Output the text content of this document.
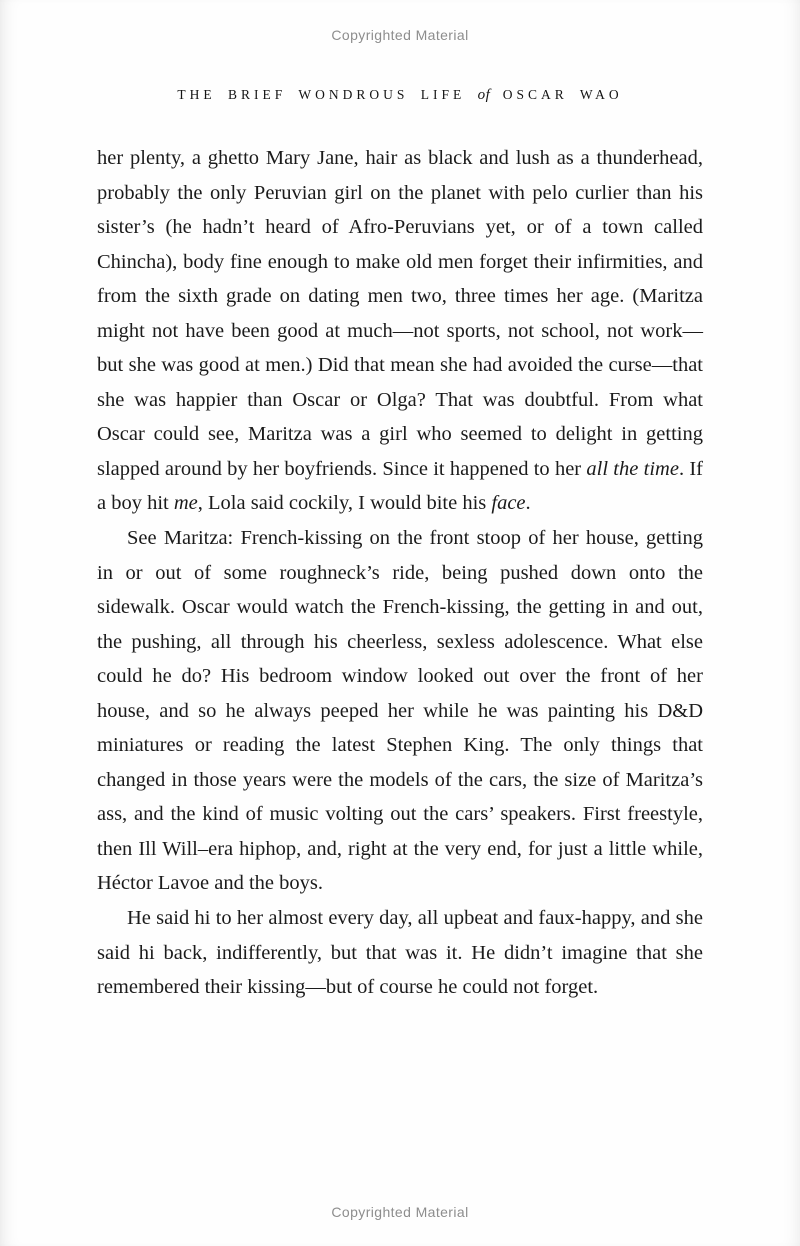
Copyrighted Material
THE BRIEF WONDROUS LIFE of OSCAR WAO

her plenty, a ghetto Mary Jane, hair as black and lush as a thunderhead, probably the only Peruvian girl on the planet with pelo curlier than his sister’s (he hadn’t heard of Afro-Peruvians yet, or of a town called Chincha), body fine enough to make old men forget their infirmities, and from the sixth grade on dating men two, three times her age. (Maritza might not have been good at much—not sports, not school, not work—but she was good at men.) Did that mean she had avoided the curse—that she was happier than Oscar or Olga? That was doubtful. From what Oscar could see, Maritza was a girl who seemed to delight in getting slapped around by her boyfriends. Since it happened to her all the time. If a boy hit me, Lola said cockily, I would bite his face.

See Maritza: French-kissing on the front stoop of her house, getting in or out of some roughneck’s ride, being pushed down onto the sidewalk. Oscar would watch the French-kissing, the getting in and out, the pushing, all through his cheerless, sexless adolescence. What else could he do? His bedroom window looked out over the front of her house, and so he always peeped her while he was painting his D&D miniatures or reading the latest Stephen King. The only things that changed in those years were the models of the cars, the size of Maritza’s ass, and the kind of music volting out the cars’ speakers. First freestyle, then Ill Will–era hiphop, and, right at the very end, for just a little while, Héctor Lavoe and the boys.

He said hi to her almost every day, all upbeat and faux-happy, and she said hi back, indifferently, but that was it. He didn’t imagine that she remembered their kissing—but of course he could not forget.

Copyrighted Material
